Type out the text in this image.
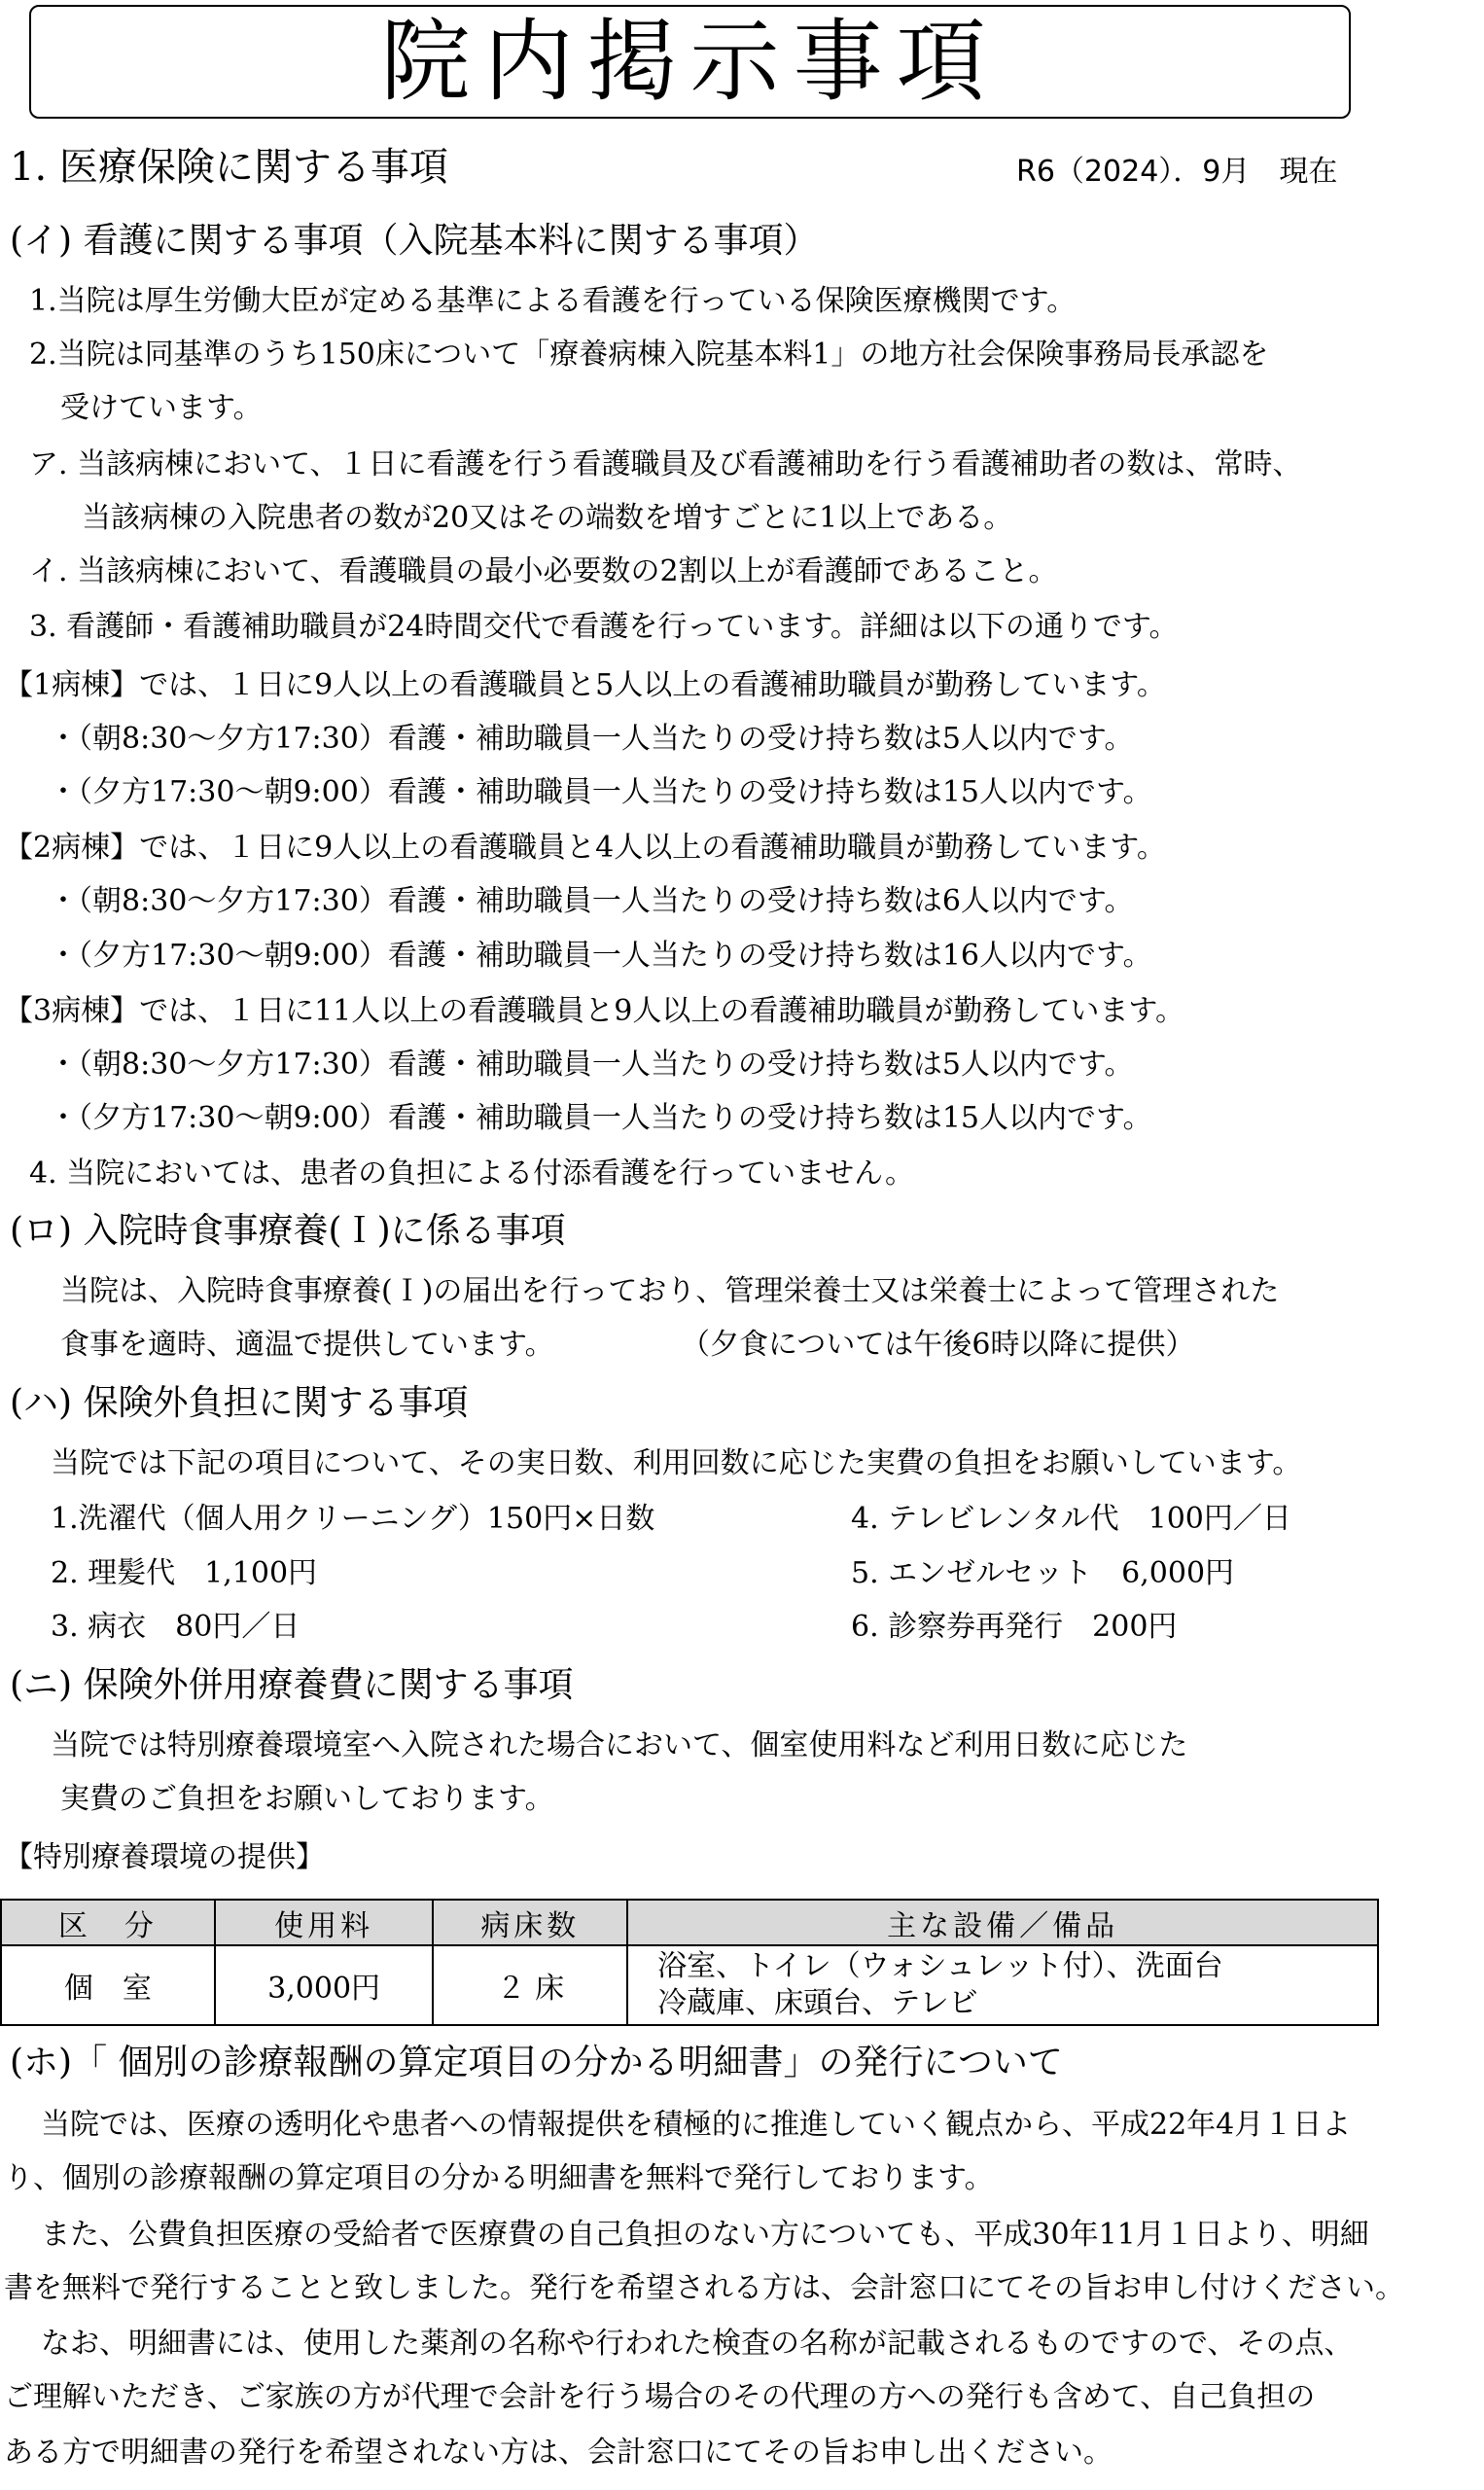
院内掲示事項
1. 医療保険に関する事項	R6（2024）．9月　現在
(イ) 看護に関する事項（入院基本料に関する事項）
1.当院は厚生労働大臣が定める基準による看護を行っている保険医療機関です。
2.当院は同基準のうち150床について「療養病棟入院基本料1」の地方社会保険事務局長承認を
受けています。
ア. 当該病棟において、１日に看護を行う看護職員及び看護補助を行う看護補助者の数は、常時、
当該病棟の入院患者の数が20又はその端数を増すごとに1以上である。
イ. 当該病棟において、看護職員の最小必要数の2割以上が看護師であること。
3. 看護師・看護補助職員が24時間交代で看護を行っています。詳細は以下の通りです。
【1病棟】では、１日に9人以上の看護職員と5人以上の看護補助職員が勤務しています。
・（朝8:30～夕方17:30）看護・補助職員一人当たりの受け持ち数は5人以内です。
・（夕方17:30～朝9:00）看護・補助職員一人当たりの受け持ち数は15人以内です。
【2病棟】では、１日に9人以上の看護職員と4人以上の看護補助職員が勤務しています。
・（朝8:30～夕方17:30）看護・補助職員一人当たりの受け持ち数は6人以内です。
・（夕方17:30～朝9:00）看護・補助職員一人当たりの受け持ち数は16人以内です。
【3病棟】では、１日に11人以上の看護職員と9人以上の看護補助職員が勤務しています。
・（朝8:30～夕方17:30）看護・補助職員一人当たりの受け持ち数は5人以内です。
・（夕方17:30～朝9:00）看護・補助職員一人当たりの受け持ち数は15人以内です。
4. 当院においては、患者の負担による付添看護を行っていません。
(ロ) 入院時食事療養(Ｉ)に係る事項
当院は、入院時食事療養(Ｉ)の届出を行っており、管理栄養士又は栄養士によって管理された
食事を適時、適温で提供しています。	（夕食については午後6時以降に提供）
(ハ) 保険外負担に関する事項
当院では下記の項目について、その実日数、利用回数に応じた実費の負担をお願いしています。
1.洗濯代（個人用クリーニング）150円×日数
2. 理髪代　1,100円
3. 病衣　80円／日
4. テレビレンタル代　100円／日
5. エンゼルセット　6,000円
6. 診察券再発行　200円
(ニ) 保険外併用療養費に関する事項
当院では特別療養環境室へ入院された場合において、個室使用料など利用日数に応じた
実費のご負担をお願いしております。
【特別療養環境の提供】
区　分	使用料	病床数	主な設備／備品
個　室	3,000円	２ 床	浴室、トイレ（ウォシュレット付）、洗面台
冷蔵庫、床頭台、テレビ
(ホ)「 個別の診療報酬の算定項目の分かる明細書」の発行について
当院では、医療の透明化や患者への情報提供を積極的に推進していく観点から、平成22年4月１日よ
り、個別の診療報酬の算定項目の分かる明細書を無料で発行しております。
また、公費負担医療の受給者で医療費の自己負担のない方についても、平成30年11月１日より、明細
書を無料で発行することと致しました。発行を希望される方は、会計窓口にてその旨お申し付けください。
なお、明細書には、使用した薬剤の名称や行われた検査の名称が記載されるものですので、その点、
ご理解いただき、ご家族の方が代理で会計を行う場合のその代理の方への発行も含めて、自己負担の
ある方で明細書の発行を希望されない方は、会計窓口にてその旨お申し出ください。
